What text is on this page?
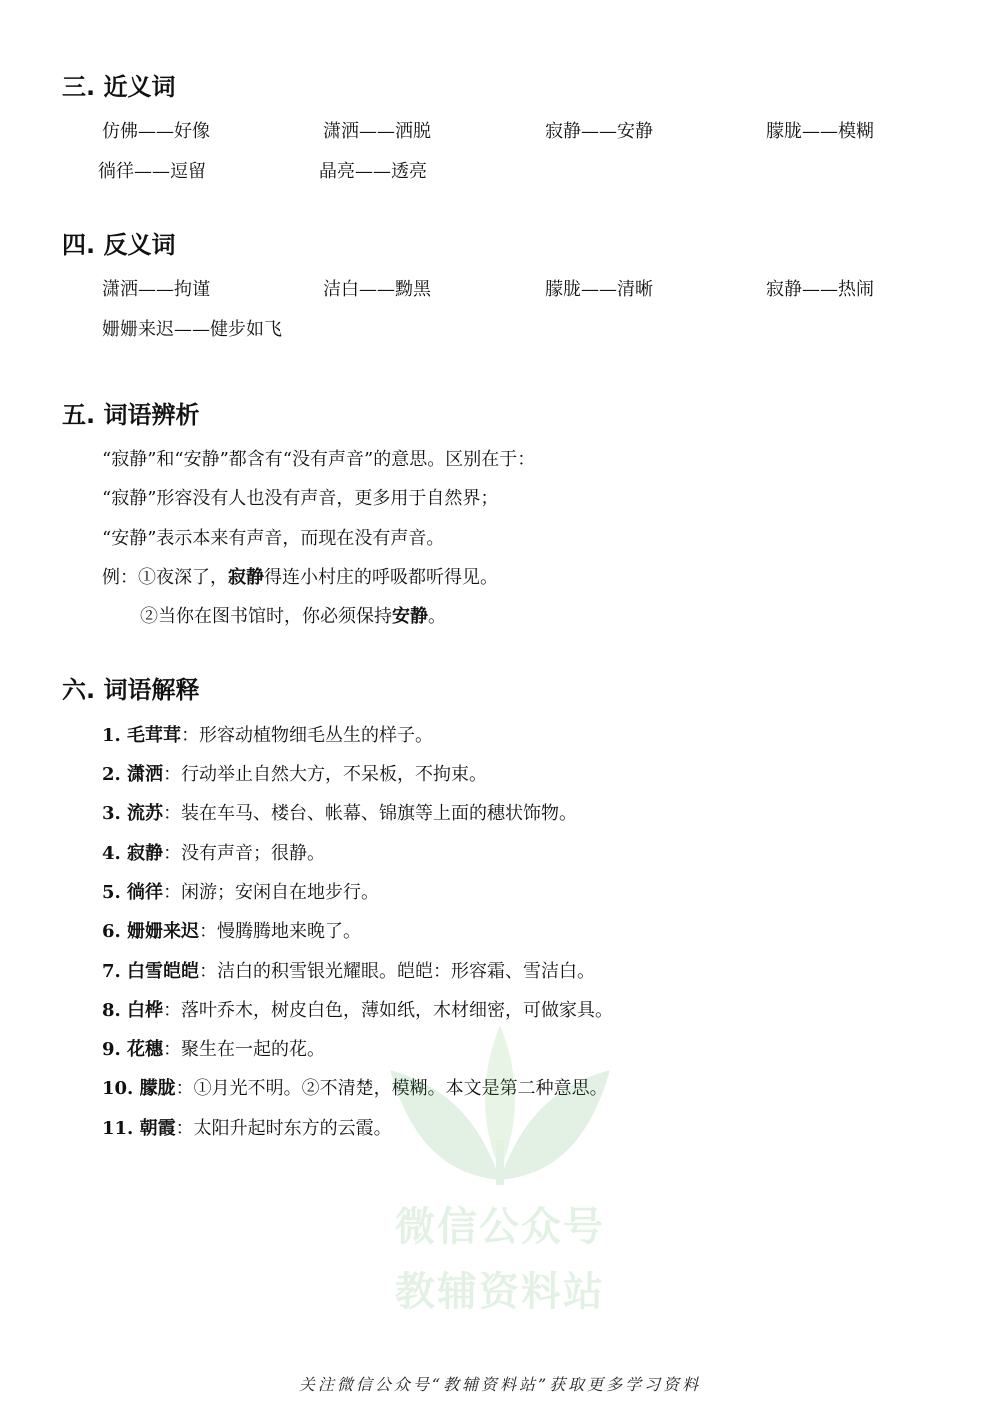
三. 近义词
仿佛——好像	潇洒——洒脱	寂静——安静	朦胧——模糊
徜徉——逗留	晶亮——透亮
四. 反义词
潇洒——拘谨	洁白——黝黑	朦胧——清晰	寂静——热闹
姗姗来迟——健步如飞
五. 词语辨析
“寂静”和“安静”都含有“没有声音”的意思。区别在于：
“寂静”形容没有人也没有声音，更多用于自然界；
“安静”表示本来有声音，而现在没有声音。
例：①夜深了，寂静得连小村庄的呼吸都听得见。
②当你在图书馆时，你必须保持安静。
六. 词语解释
1. 毛茸茸：形容动植物细毛丛生的样子。
2. 潇洒：行动举止自然大方，不呆板，不拘束。
3. 流苏：装在车马、楼台、帐幕、锦旗等上面的穗状饰物。
4. 寂静：没有声音；很静。
5. 徜徉：闲游；安闲自在地步行。
6. 姗姗来迟：慢腾腾地来晚了。
7. 白雪皑皑：洁白的积雪银光耀眼。皑皑：形容霜、雪洁白。
8. 白桦：落叶乔木，树皮白色，薄如纸，木材细密，可做家具。
9. 花穗：聚生在一起的花。
10. 朦胧：①月光不明。②不清楚，模糊。本文是第二种意思。
11. 朝霞：太阳升起时东方的云霞。
微信公众号
教辅资料站
关注微信公众号“教辅资料站”获取更多学习资料
